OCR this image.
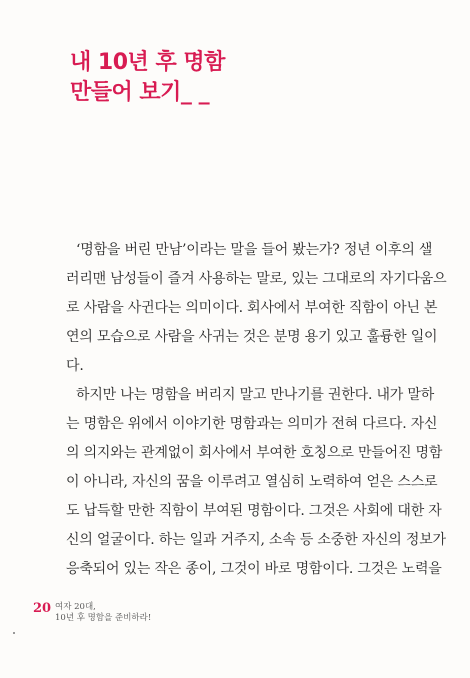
내 10년 후 명함
만들어 보기_ _

‘명함을 버린 만남’이라는 말을 들어 봤는가? 정년 이후의 샐

러리맨 남성들이 즐겨 사용하는 말로, 있는 그대로의 자기다움으

로 사람을 사귄다는 의미이다. 회사에서 부여한 직함이 아닌 본

연의 모습으로 사람을 사귀는 것은 분명 용기 있고 훌륭한 일이

다.

하지만 나는 명함을 버리지 말고 만나기를 권한다. 내가 말하

는 명함은 위에서 이야기한 명함과는 의미가 전혀 다르다. 자신

의 의지와는 관계없이 회사에서 부여한 호칭으로 만들어진 명함

이 아니라, 자신의 꿈을 이루려고 열심히 노력하여 얻은 스스로

도 납득할 만한 직함이 부여된 명함이다. 그것은 사회에 대한 자

신의 얼굴이다. 하는 일과 거주지, 소속 등 소중한 자신의 정보가

응축되어 있는 작은 종이, 그것이 바로 명함이다. 그것은 노력을

20 여자 20대,
10년 후 명함을 준비하라!
